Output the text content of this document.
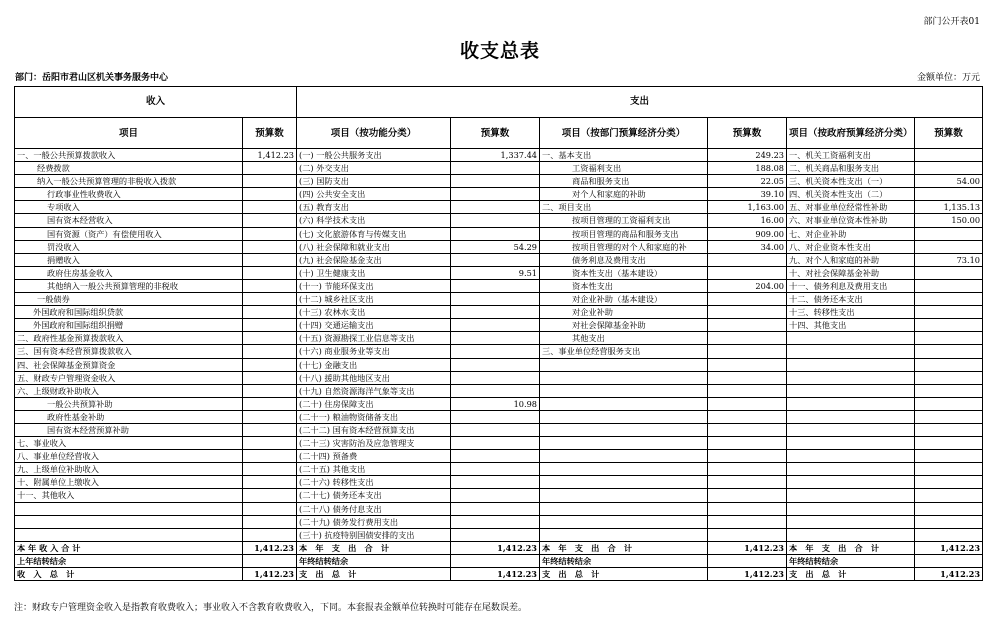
部门公开表01
收支总表
部门：岳阳市君山区机关事务服务中心	金额单位：万元
收入		支出					
项目	预算数	项目（按功能分类）	预算数	项目（按部门预算经济分类）	预算数	项目（按政府预算经济分类）	预算数
一、一般公共预算拨款收入	1,412.23	(一) 一般公共服务支出	1,337.44	一、基本支出	249.23	一、机关工资福利支出	
经费拨款		(二) 外交支出		工资福利支出	188.08	二、机关商品和服务支出	
纳入一般公共预算管理的非税收入拨款		(三) 国防支出		商品和服务支出	22.05	三、机关资本性支出（一）	54.00
行政事业性收费收入		(四) 公共安全支出		对个人和家庭的补助	39.10	四、机关资本性支出（二）	
专项收入		(五) 教育支出		二、项目支出	1,163.00	五、对事业单位经常性补助	1,135.13
国有资本经营收入		(六) 科学技术支出		按项目管理的工资福利支出	16.00	六、对事业单位资本性补助	150.00
国有资源（资产）有偿使用收入		(七) 文化旅游体育与传媒支出		按项目管理的商品和服务支出	909.00	七、对企业补助	
罚没收入		(八) 社会保障和就业支出	54.29	按项目管理的对个人和家庭的补	34.00	八、对企业资本性支出	
捐赠收入		(九) 社会保险基金支出		债务利息及费用支出		九、对个人和家庭的补助	73.10
政府住房基金收入		(十) 卫生健康支出	9.51	资本性支出（基本建设）		十、对社会保障基金补助	
其他纳入一般公共预算管理的非税收		(十一) 节能环保支出		资本性支出	204.00	十一、债务利息及费用支出	
一般债券		(十二) 城乡社区支出		对企业补助（基本建设）		十二、债务还本支出	
外国政府和国际组织贷款		(十三) 农林水支出		对企业补助		十三、转移性支出	
外国政府和国际组织捐赠		(十四) 交通运输支出		对社会保障基金补助		十四、其他支出	
二、政府性基金预算拨款收入		(十五) 资源勘探工业信息等支出		其他支出			
三、国有资本经营预算拨款收入		(十六) 商业服务业等支出		三、事业单位经营服务支出			
四、社会保障基金预算资金		(十七) 金融支出					
五、财政专户管理资金收入		(十八) 援助其他地区支出					
六、上级财政补助收入		(十九) 自然资源海洋气象等支出					
一般公共预算补助		(二十) 住房保障支出	10.98				
政府性基金补助		(二十一) 粮油物资储备支出					
国有资本经营预算补助		(二十二) 国有资本经营预算支出					
七、事业收入		(二十三) 灾害防治及应急管理支					
八、事业单位经营收入		(二十四) 预备费					
九、上级单位补助收入		(二十五) 其他支出					
十、附属单位上缴收入		(二十六) 转移性支出					
十一、其他收入		(二十七) 债务还本支出					
		(二十八) 债务付息支出					
		(二十九) 债务发行费用支出					
		(三十) 抗疫特别国债安排的支出					
本 年 收 入 合 计	1,412.23	本　年　支　出　合　计	1,412.23	本　年　支　出　合　计	1,412.23	本　年　支　出　合　计	1,412.23
上年结转结余		年终结转结余		年终结转结余		年终结转结余	
收　入　总　计	1,412.23	支　出　总　计	1,412.23	支　出　总　计	1,412.23	支　出　总　计	1,412.23
注：财政专户管理资金收入是指教育收费收入；事业收入不含教育收费收入，下同。本套报表金额单位转换时可能存在尾数误差。
